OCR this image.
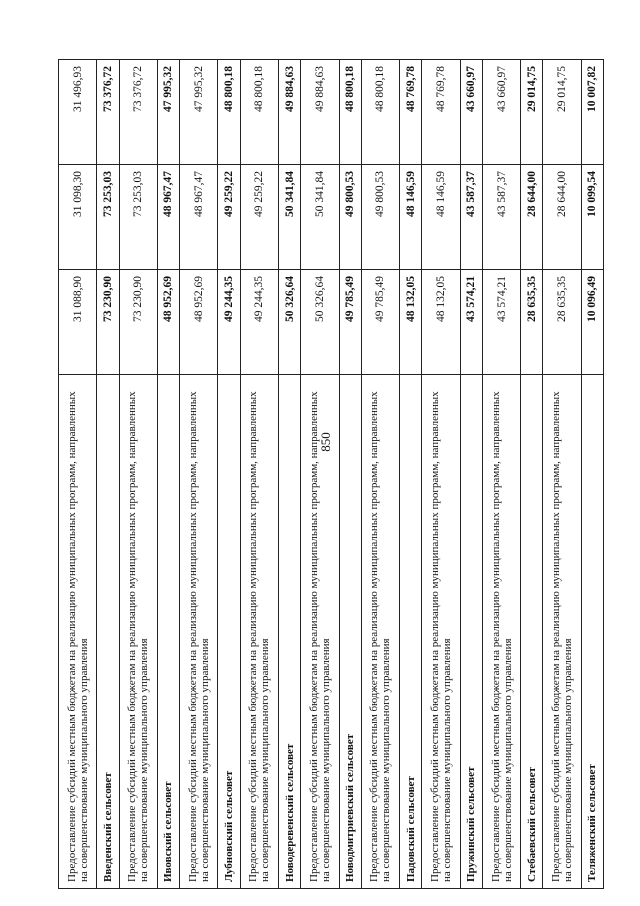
850
Предоставление субсидий местным бюджетам на реализацию муниципальных программ, направленных на совершенствование муниципального управления	31 088,90	31 098,30	31 496,93
Введенский сельсовет	73 230,90	73 253,03	73 376,72
Предоставление субсидий местным бюджетам на реализацию муниципальных программ, направленных на совершенствование муниципального управления	73 230,90	73 253,03	73 376,72
Ивовский сельсовет	48 952,69	48 967,47	47 995,32
Предоставление субсидий местным бюджетам на реализацию муниципальных программ, направленных на совершенствование муниципального управления	48 952,69	48 967,47	47 995,32
Лубновский сельсовет	49 244,35	49 259,22	48 800,18
Предоставление субсидий местным бюджетам на реализацию муниципальных программ, направленных на совершенствование муниципального управления	49 244,35	49 259,22	48 800,18
Новодеревенский сельсовет	50 326,64	50 341,84	49 884,63
Предоставление субсидий местным бюджетам на реализацию муниципальных программ, направленных на совершенствование муниципального управления	50 326,64	50 341,84	49 884,63
Новодмитриевский сельсовет	49 785,49	49 800,53	48 800,18
Предоставление субсидий местным бюджетам на реализацию муниципальных программ, направленных на совершенствование муниципального управления	49 785,49	49 800,53	48 800,18
Падовский сельсовет	48 132,05	48 146,59	48 769,78
Предоставление субсидий местным бюджетам на реализацию муниципальных программ, направленных на совершенствование муниципального управления	48 132,05	48 146,59	48 769,78
Пружинский сельсовет	43 574,21	43 587,37	43 660,97
Предоставление субсидий местным бюджетам на реализацию муниципальных программ, направленных на совершенствование муниципального управления	43 574,21	43 587,37	43 660,97
Стебаевский сельсовет	28 635,35	28 644,00	29 014,75
Предоставление субсидий местным бюджетам на реализацию муниципальных программ, направленных на совершенствование муниципального управления	28 635,35	28 644,00	29 014,75
Теляженский сельсовет	10 096,49	10 099,54	10 007,82
